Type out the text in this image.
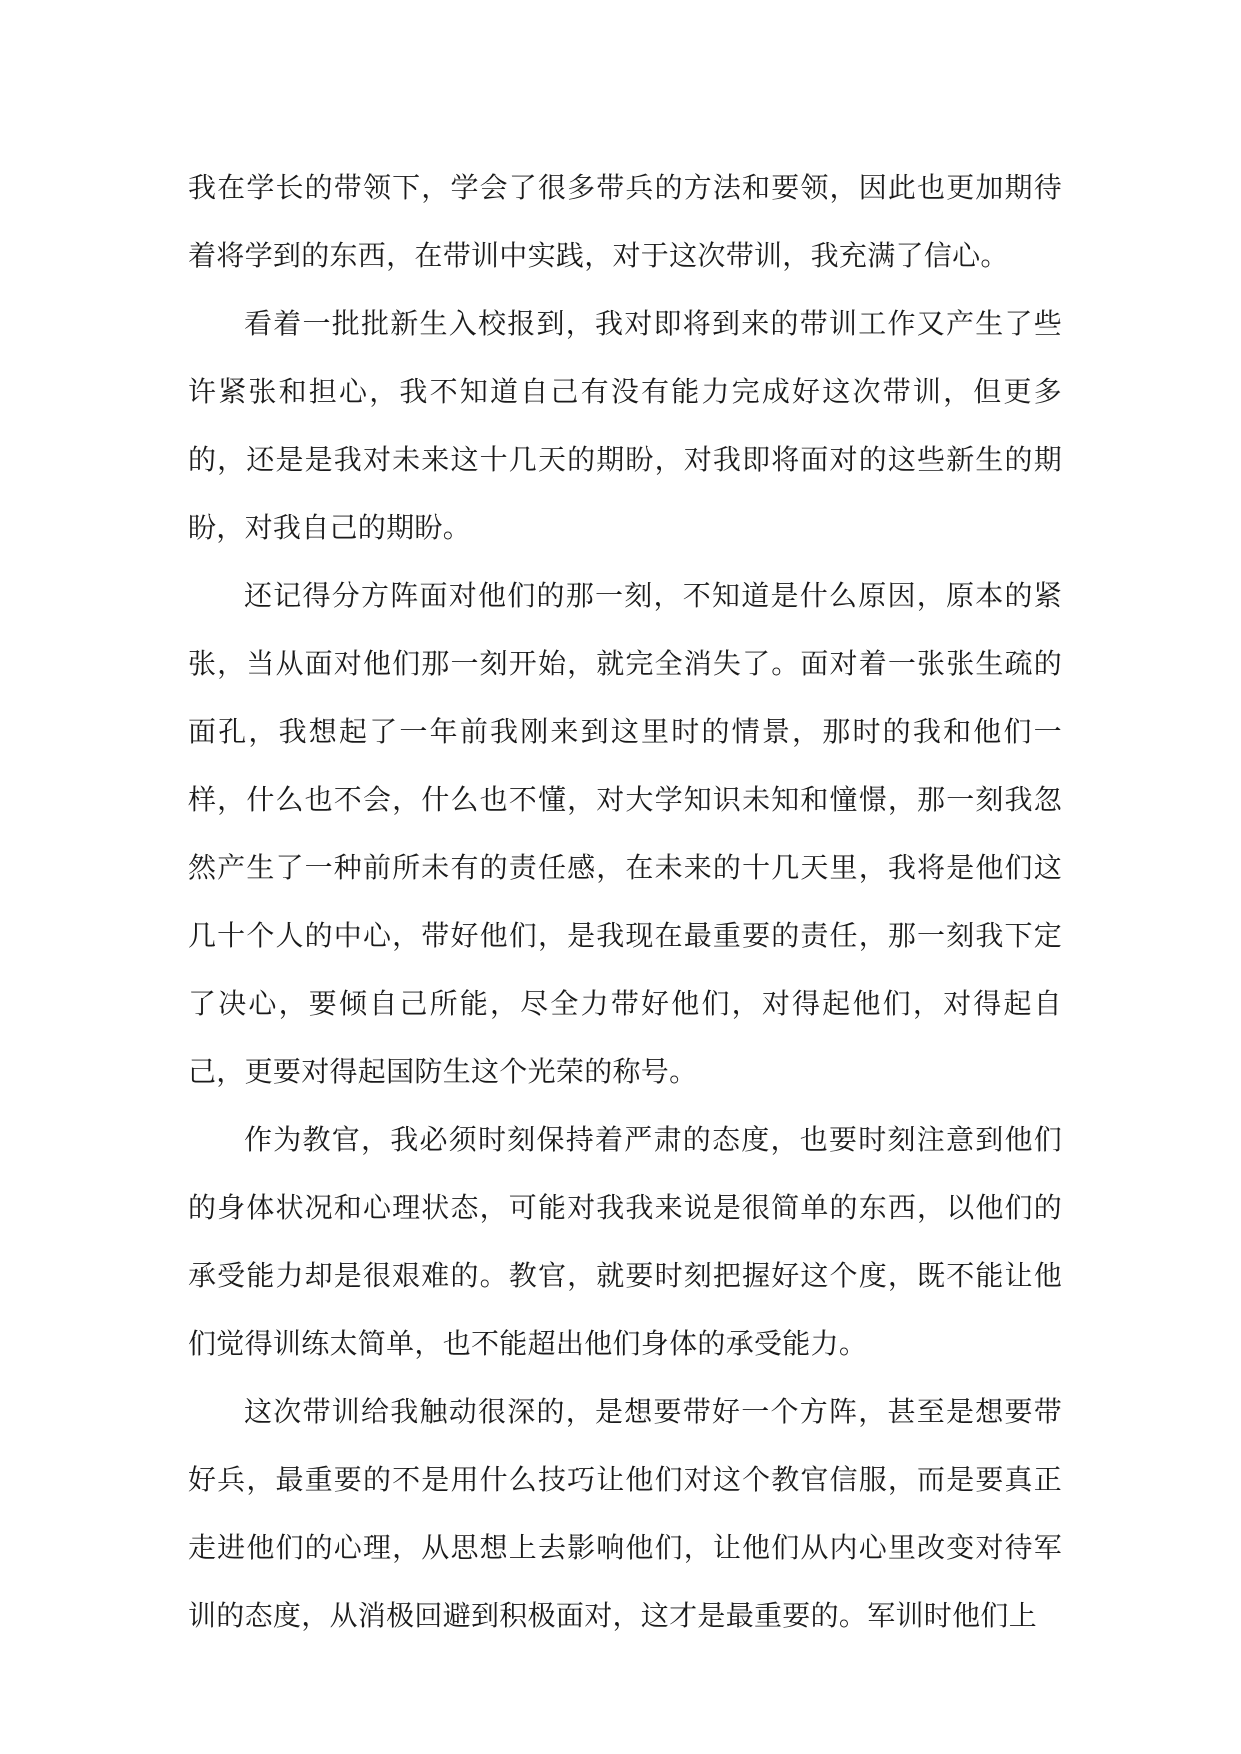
我在学长的带领下，学会了很多带兵的方法和要领，因此也更加期待着将学到的东西，在带训中实践，对于这次带训，我充满了信心。

看着一批批新生入校报到，我对即将到来的带训工作又产生了些许紧张和担心，我不知道自己有没有能力完成好这次带训，但更多的，还是是我对未来这十几天的期盼，对我即将面对的这些新生的期盼，对我自己的期盼。

还记得分方阵面对他们的那一刻，不知道是什么原因，原本的紧张，当从面对他们那一刻开始，就完全消失了。面对着一张张生疏的面孔，我想起了一年前我刚来到这里时的情景，那时的我和他们一样，什么也不会，什么也不懂，对大学知识未知和憧憬，那一刻我忽然产生了一种前所未有的责任感，在未来的十几天里，我将是他们这几十个人的中心，带好他们，是我现在最重要的责任，那一刻我下定了决心，要倾自己所能，尽全力带好他们，对得起他们，对得起自己，更要对得起国防生这个光荣的称号。

作为教官，我必须时刻保持着严肃的态度，也要时刻注意到他们的身体状况和心理状态，可能对我我来说是很简单的东西，以他们的承受能力却是很艰难的。教官，就要时刻把握好这个度，既不能让他们觉得训练太简单，也不能超出他们身体的承受能力。

这次带训给我触动很深的，是想要带好一个方阵，甚至是想要带好兵，最重要的不是用什么技巧让他们对这个教官信服，而是要真正走进他们的心理，从思想上去影响他们，让他们从内心里改变对待军训的态度，从消极回避到积极面对，这才是最重要的。军训时他们上
